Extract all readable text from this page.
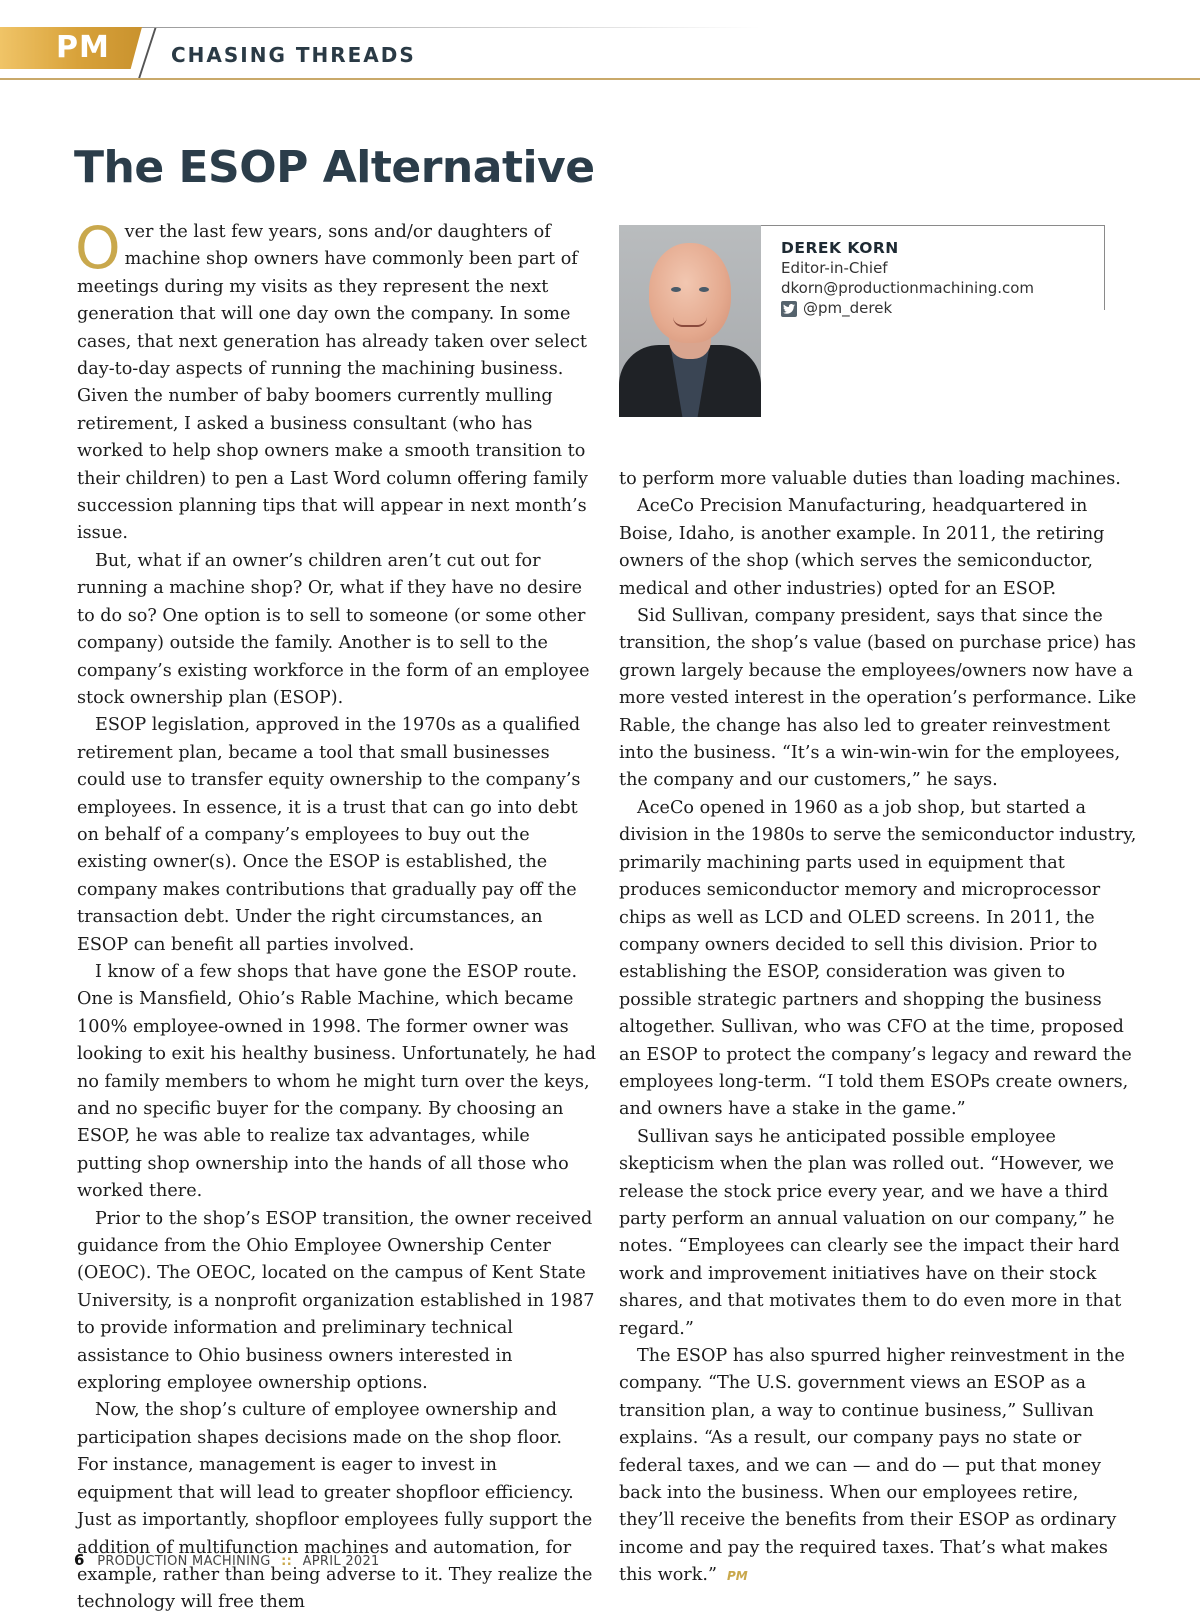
PM	CHASING THREADS
The ESOP Alternative

Over the last few years, sons and/or daughters of machine shop owners have commonly been part of meetings during my visits as they represent the next generation that will one day own the company. In some cases, that next generation has already taken over select day-to-day aspects of running the machining business. Given the number of baby boomers currently mulling retirement, I asked a business consultant (who has worked to help shop owners make a smooth transition to their children) to pen a Last Word column offering family succession planning tips that will appear in next month’s issue.

But, what if an owner’s children aren’t cut out for running a machine shop? Or, what if they have no desire to do so? One option is to sell to someone (or some other company) outside the family. Another is to sell to the company’s existing workforce in the form of an employee stock ownership plan (ESOP).

ESOP legislation, approved in the 1970s as a qualified retirement plan, became a tool that small businesses could use to transfer equity ownership to the company’s employees. In essence, it is a trust that can go into debt on behalf of a company’s employees to buy out the existing owner(s). Once the ESOP is established, the company makes contributions that gradually pay off the transaction debt. Under the right circumstances, an ESOP can benefit all parties involved.

I know of a few shops that have gone the ESOP route. One is Mansfield, Ohio’s Rable Machine, which became 100% employee-owned in 1998. The former owner was looking to exit his healthy business. Unfortunately, he had no family members to whom he might turn over the keys, and no specific buyer for the company. By choosing an ESOP, he was able to realize tax advantages, while putting shop ownership into the hands of all those who worked there.

Prior to the shop’s ESOP transition, the owner received guidance from the Ohio Employee Ownership Center (OEOC). The OEOC, located on the campus of Kent State University, is a nonprofit organization established in 1987 to provide information and preliminary technical assistance to Ohio business owners interested in exploring employee ownership options.

Now, the shop’s culture of employee ownership and participation shapes decisions made on the shop floor. For instance, management is eager to invest in equipment that will lead to greater shopfloor efficiency. Just as importantly, shopfloor employees fully support the addition of multifunction machines and automation, for example, rather than being adverse to it. They realize the technology will free them

DEREK KORN
Editor-in-Chief
dkorn@productionmachining.com
@pm_derek

to perform more valuable duties than loading machines.

AceCo Precision Manufacturing, headquartered in Boise, Idaho, is another example. In 2011, the retiring owners of the shop (which serves the semiconductor, medical and other industries) opted for an ESOP.

Sid Sullivan, company president, says that since the transition, the shop’s value (based on purchase price) has grown largely because the employees/owners now have a more vested interest in the operation’s performance. Like Rable, the change has also led to greater reinvestment into the business. “It’s a win-win-win for the employees, the company and our customers,” he says.

AceCo opened in 1960 as a job shop, but started a division in the 1980s to serve the semiconductor industry, primarily machining parts used in equipment that produces semiconductor memory and microprocessor chips as well as LCD and OLED screens. In 2011, the company owners decided to sell this division. Prior to establishing the ESOP, consideration was given to possible strategic partners and shopping the business altogether. Sullivan, who was CFO at the time, proposed an ESOP to protect the company’s legacy and reward the employees long-term. “I told them ESOPs create owners, and owners have a stake in the game.”

Sullivan says he anticipated possible employee skepticism when the plan was rolled out. “However, we release the stock price every year, and we have a third party perform an annual valuation on our company,” he notes. “Employees can clearly see the impact their hard work and improvement initiatives have on their stock shares, and that motivates them to do even more in that regard.”

The ESOP has also spurred higher reinvestment in the company. “The U.S. government views an ESOP as a transition plan, a way to continue business,” Sullivan explains. “As a result, our company pays no state or federal taxes, and we can — and do — put that money back into the business. When our employees retire, they’ll receive the benefits from their ESOP as ordinary income and pay the required taxes. That’s what makes this work.” PM

6 PRODUCTION MACHINING :: APRIL 2021
